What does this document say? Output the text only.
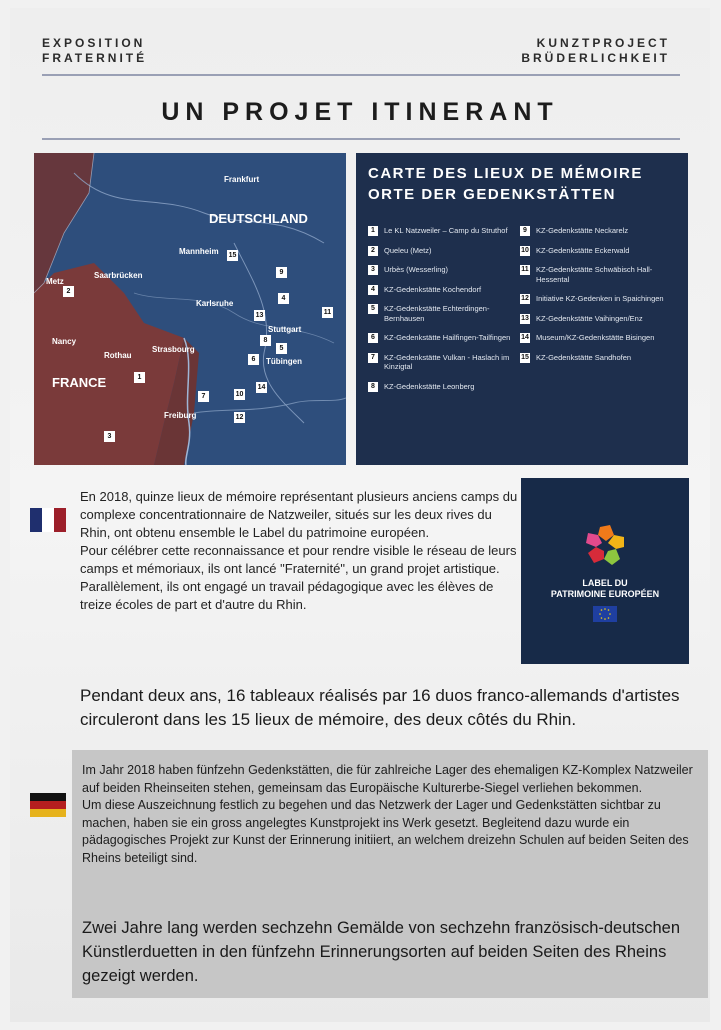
EXPOSITION
FRATERNITÉ
KUNZTPROJECT
BRÜDERLICHKEIT
UN PROJET ITINERANT
DEUTSCHLAND
FRANCE
Frankfurt
Mannheim
Saarbrücken
Metz
Karlsruhe
Stuttgart
Tübingen
Nancy
Rothau
Strasbourg
Freiburg
1
2
3
4
5
6
7
8
9
10
11
12
13
14
15
CARTE DES LIEUX DE MÉMOIRE
ORTE DER GEDENKSTÄTTEN
1	Le KL Natzweiler – Camp du Struthof
2	Queleu (Metz)
3	Urbès (Wesserling)
4	KZ-Gedenkstätte Kochendorf
5	KZ-Gedenkstätte Echterdingen-Bernhausen
6	KZ-Gedenkstätte Hailfingen-Tailfingen
7	KZ-Gedenkstätte Vulkan - Haslach im Kinzigtal
8	KZ-Gedenkstätte Leonberg
9	KZ-Gedenkstätte Neckarelz
10 KZ-Gedenkstätte Eckerwald
11 KZ-Gedenkstätte Schwäbisch Hall-Hessental
12 Initiative KZ-Gedenken in Spaichingen
13 KZ-Gedenkstätte Vaihingen/Enz
14 Museum/KZ-Gedenkstätte Bisingen
15 KZ-Gedenkstätte Sandhofen

En 2018, quinze lieux de mémoire représentant plusieurs anciens camps du complexe concentrationnaire de Natzweiler, situés sur les deux rives du Rhin, ont obtenu ensemble le Label du patrimoine européen.

Pour célébrer cette reconnaissance et pour rendre visible le réseau de leurs camps et mémoriaux, ils ont lancé "Fraternité", un grand projet artistique. Parallèlement, ils ont engagé un travail pédagogique avec les élèves de treize écoles de part et d'autre du Rhin.

LABEL DU
PATRIMOINE EUROPÉEN
Pendant deux ans, 16 tableaux réalisés par 16 duos franco-allemands d'artistes circuleront dans les 15 lieux de mémoire, des deux côtés du Rhin.

Im Jahr 2018 haben fünfzehn Gedenkstätten, die für zahlreiche Lager des ehemaligen KZ-Komplex Natzweiler auf beiden Rheinseiten stehen, gemeinsam das Europäische Kulturerbe-Siegel verliehen bekommen.

Um diese Auszeichnung festlich zu begehen und das Netzwerk der Lager und Gedenkstätten sichtbar zu machen, haben sie ein gross angelegtes Kunstprojekt ins Werk gesetzt. Begleitend dazu wurde ein pädagogisches Projekt zur Kunst der Erinnerung initiiert, an welchem dreizehn Schulen auf beiden Seiten des Rheins beteiligt sind.

Zwei Jahre lang werden sechzehn Gemälde von sechzehn französisch-deutschen Künstlerduetten in den fünfzehn Erinnerungsorten auf beiden Seiten des Rheins gezeigt werden.
